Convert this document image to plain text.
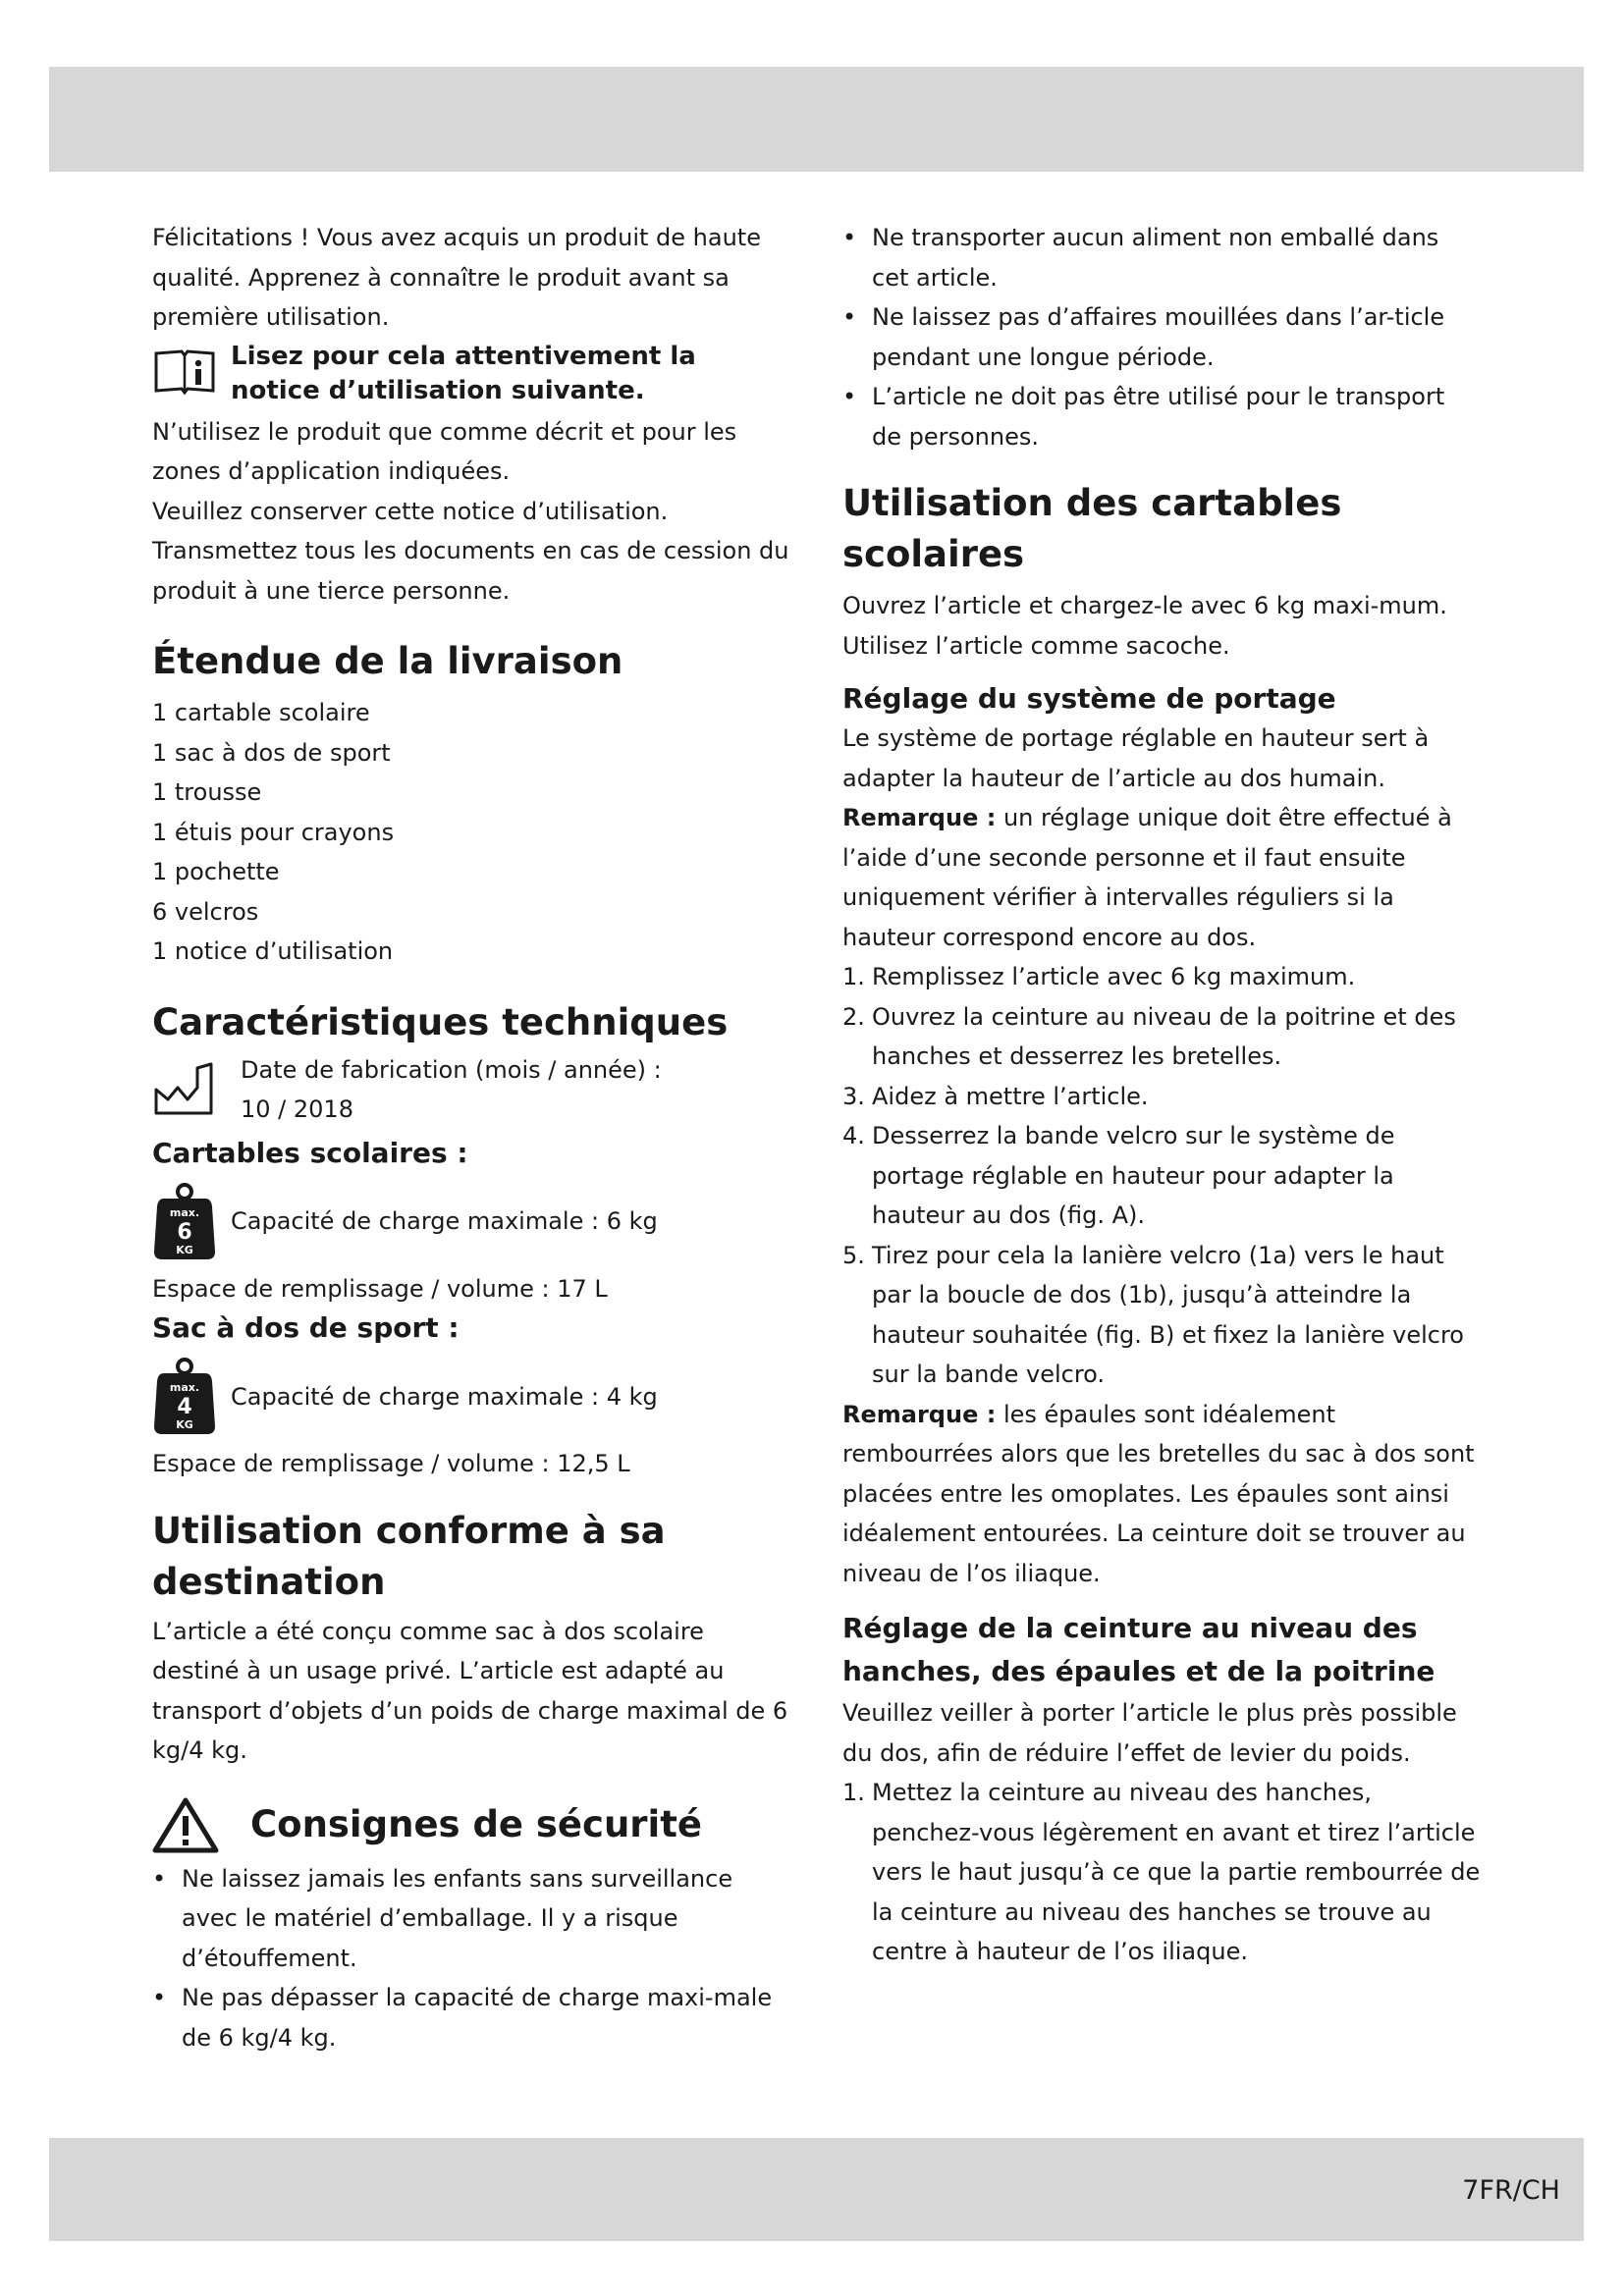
Félicitations ! Vous avez acquis un produit de haute qualité. Apprenez à connaître le produit avant sa première utilisation.

Lisez pour cela attentivement la notice d’utilisation suivante.

N’utilisez le produit que comme décrit et pour les zones d’application indiquées.

Veuillez conserver cette notice d’utilisation.

Transmettez tous les documents en cas de cession du produit à une tierce personne.

Étendue de la livraison
1 cartable scolaire
1 sac à dos de sport
1 trousse
1 étuis pour crayons
1 pochette
6 velcros
1 notice d’utilisation
Caractéristiques techniques
Date de fabrication (mois / année) :
10 / 2018
Cartables scolaires :
max.
6
KG
Capacité de charge maximale : 6 kg

Espace de remplissage / volume : 17 L

Sac à dos de sport :
max.
4
KG
Capacité de charge maximale : 4 kg

Espace de remplissage / volume : 12,5 L

Utilisation conforme à sa destination

L’article a été conçu comme sac à dos scolaire destiné à un usage privé. L’article est adapté au transport d’objets d’un poids de charge maximal de 6 kg/4 kg.

Consignes de sécurité
• Ne laissez jamais les enfants sans surveillance avec le matériel d’emballage. Il y a risque d’étouffement.

• Ne pas dépasser la capacité de charge maxi-male de 6 kg/4 kg.

• Ne transporter aucun aliment non emballé dans cet article.

• Ne laissez pas d’affaires mouillées dans l’ar-ticle pendant une longue période.

• L’article ne doit pas être utilisé pour le transport de personnes.

Utilisation des cartables scolaires

Ouvrez l’article et chargez-le avec 6 kg maxi-mum. Utilisez l’article comme sacoche.

Réglage du système de portage

Le système de portage réglable en hauteur sert à adapter la hauteur de l’article au dos humain.

Remarque : un réglage unique doit être effectué à l’aide d’une seconde personne et il faut ensuite uniquement vérifier à intervalles réguliers si la hauteur correspond encore au dos.

1. Remplissez l’article avec 6 kg maximum.

2. Ouvrez la ceinture au niveau de la poitrine et des hanches et desserrez les bretelles.

3. Aidez à mettre l’article.

4. Desserrez la bande velcro sur le système de portage réglable en hauteur pour adapter la hauteur au dos (fig. A).

5. Tirez pour cela la lanière velcro (1a) vers le haut par la boucle de dos (1b), jusqu’à atteindre la hauteur souhaitée (fig. B) et fixez la lanière velcro sur la bande velcro.

Remarque : les épaules sont idéalement rembourrées alors que les bretelles du sac à dos sont placées entre les omoplates. Les épaules sont ainsi idéalement entourées. La ceinture doit se trouver au niveau de l’os iliaque.

Réglage de la ceinture au niveau des hanches, des épaules et de la poitrine

Veuillez veiller à porter l’article le plus près possible du dos, afin de réduire l’effet de levier du poids.

1. Mettez la ceinture au niveau des hanches, penchez-vous légèrement en avant et tirez l’article vers le haut jusqu’à ce que la partie rembourrée de la ceinture au niveau des hanches se trouve au centre à hauteur de l’os iliaque.

7FR/CH
